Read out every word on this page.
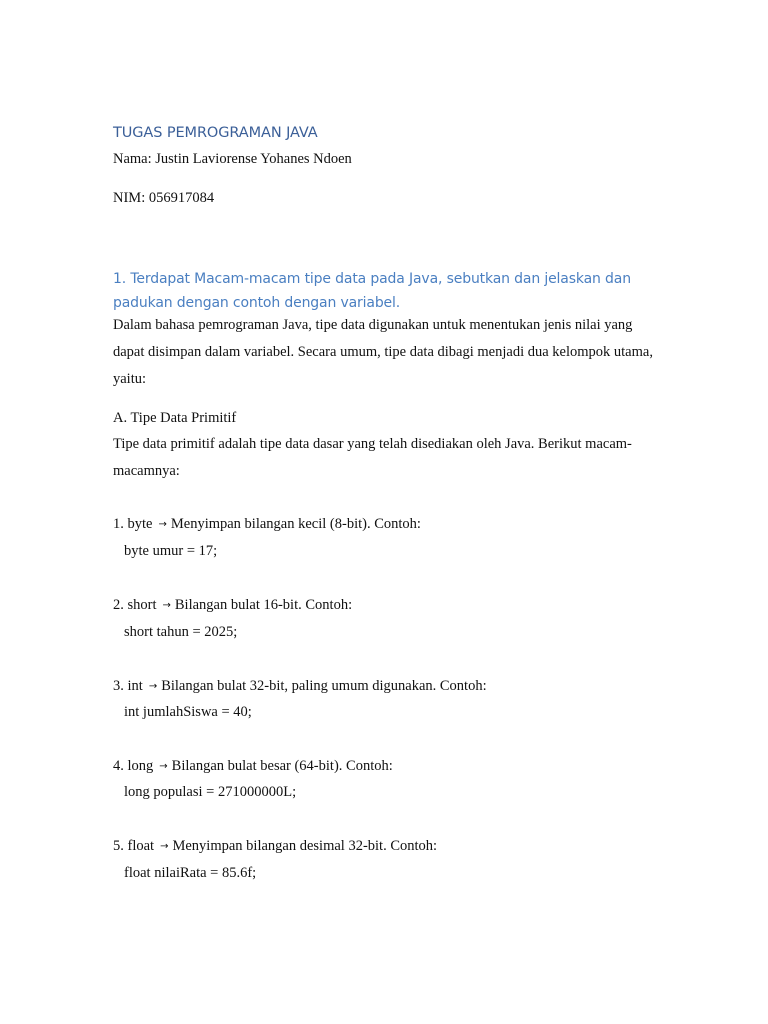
TUGAS PEMROGRAMAN JAVA
Nama: Justin Laviorense Yohanes Ndoen
NIM: 056917084
1. Terdapat Macam-macam tipe data pada Java, sebutkan dan jelaskan dan padukan dengan contoh dengan variabel.
Dalam bahasa pemrograman Java, tipe data digunakan untuk menentukan jenis nilai yang dapat disimpan dalam variabel. Secara umum, tipe data dibagi menjadi dua kelompok utama, yaitu:
A. Tipe Data Primitif
Tipe data primitif adalah tipe data dasar yang telah disediakan oleh Java. Berikut macam-macamnya:
1. byte → Menyimpan bilangan kecil (8-bit). Contoh:
byte umur = 17;
2. short → Bilangan bulat 16-bit. Contoh:
short tahun = 2025;
3. int → Bilangan bulat 32-bit, paling umum digunakan. Contoh:
int jumlahSiswa = 40;
4. long → Bilangan bulat besar (64-bit). Contoh:
long populasi = 271000000L;
5. float → Menyimpan bilangan desimal 32-bit. Contoh:
float nilaiRata = 85.6f;
